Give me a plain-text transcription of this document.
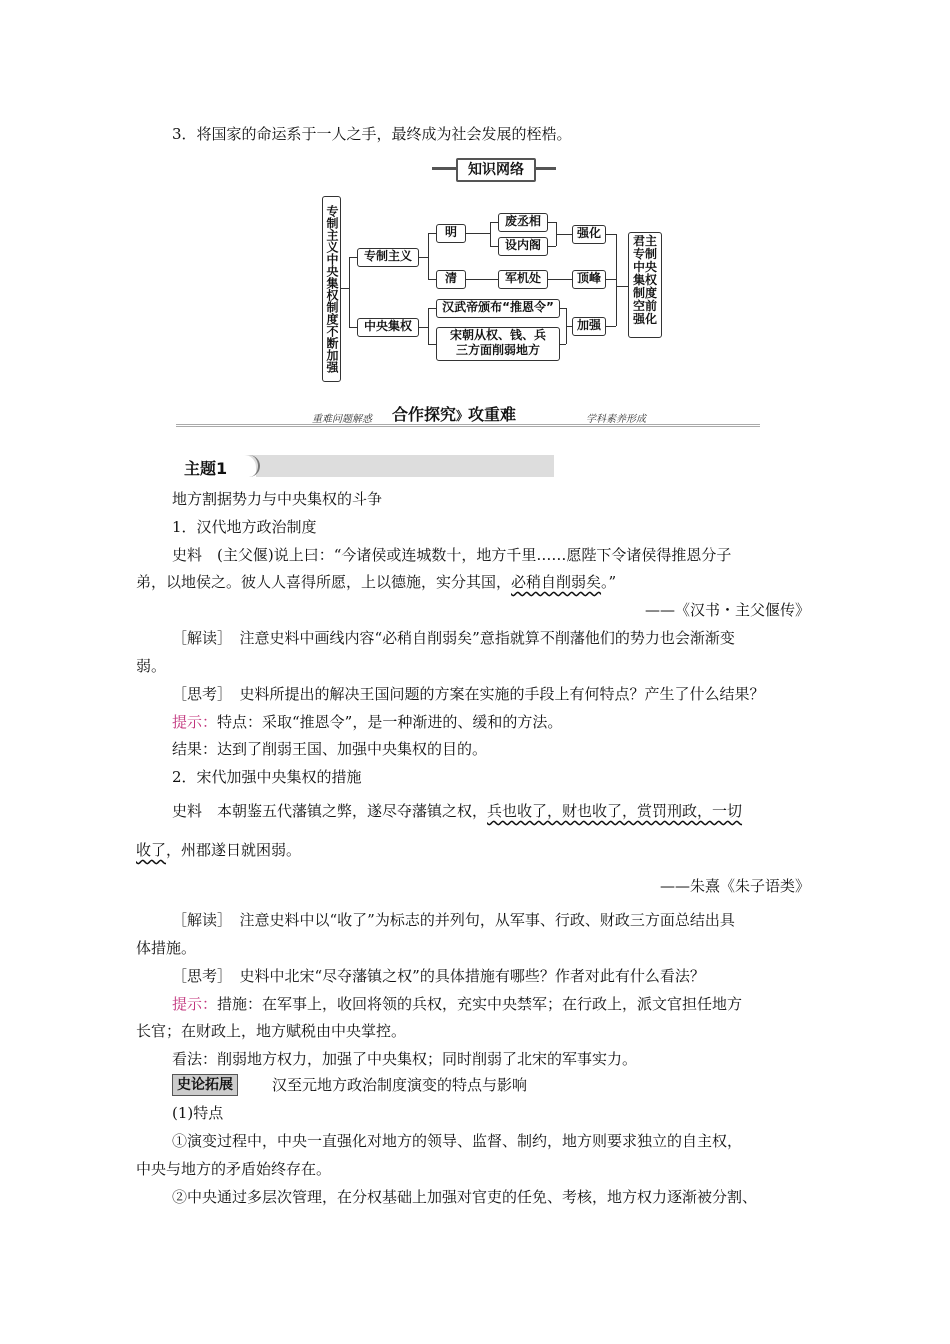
3．将国家的命运系于一人之手，最终成为社会发展的桎梏。
知识网络
专制主义中央集权制度不断加强	专制主义
中央集权
明
清
废丞相
设内阁
强化
军机处	顶峰
汉武帝颁布“推恩令”
宋朝从权、钱、兵
三方面削弱地方
加强
君主专制中央集权制度空前强化
重难问题解惑 合作探究》攻重难	学科素养形成
主题1
地方割据势力与中央集权的斗争
1．汉代地方政治制度
史料　(主父偃)说上曰：“今诸侯或连城数十，地方千里……愿陛下令诸侯得推恩分子
弟，以地侯之。彼人人喜得所愿，上以德施，实分其国，必稍自削弱矣。”
——《汉书・主父偃传》
［解读］　注意史料中画线内容“必稍自削弱矣”意指就算不削藩他们的势力也会渐渐变
弱。
［思考］　史料所提出的解决王国问题的方案在实施的手段上有何特点？产生了什么结果？
提示：特点：采取“推恩令”，是一种渐进的、缓和的方法。
结果：达到了削弱王国、加强中央集权的目的。
2．宋代加强中央集权的措施
史料　本朝鉴五代藩镇之弊，遂尽夺藩镇之权，兵也收了，财也收了，赏罚刑政，一切
收了，州郡遂日就困弱。
——朱熹《朱子语类》
［解读］　注意史料中以“收了”为标志的并列句，从军事、行政、财政三方面总结出具
体措施。
［思考］　史料中北宋“尽夺藩镇之权”的具体措施有哪些？作者对此有什么看法？
提示：措施：在军事上，收回将领的兵权，充实中央禁军；在行政上，派文官担任地方
长官；在财政上，地方赋税由中央掌控。
看法：削弱地方权力，加强了中央集权；同时削弱了北宋的军事实力。
史论拓展	汉至元地方政治制度演变的特点与影响
(1)特点
①演变过程中，中央一直强化对地方的领导、监督、制约，地方则要求独立的自主权，
中央与地方的矛盾始终存在。
②中央通过多层次管理，在分权基础上加强对官吏的任免、考核，地方权力逐渐被分割、
